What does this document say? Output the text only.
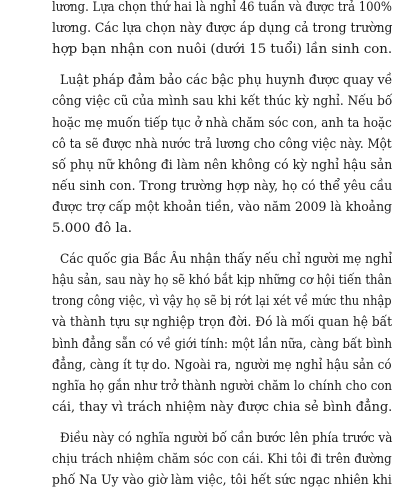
lương. Lựa chọn thứ hai là nghỉ 46 tuần và được trả 100%
lương. Các lựa chọn này được áp dụng cả trong trường
hợp bạn nhận con nuôi (dưới 15 tuổi) lần sinh con.
Luật pháp đảm bảo các bậc phụ huynh được quay về
công việc cũ của mình sau khi kết thúc kỳ nghỉ. Nếu bố
hoặc mẹ muốn tiếp tục ở nhà chăm sóc con, anh ta hoặc
cô ta sẽ được nhà nước trả lương cho công việc này. Một
số phụ nữ không đi làm nên không có kỳ nghỉ hậu sản
nếu sinh con. Trong trường hợp này, họ có thể yêu cầu
được trợ cấp một khoản tiền, vào năm 2009 là khoảng
5.000 đô la.
Các quốc gia Bắc Âu nhận thấy nếu chỉ người mẹ nghỉ
hậu sản, sau này họ sẽ khó bắt kịp những cơ hội tiến thân
trong công việc, vì vậy họ sẽ bị rớt lại xét về mức thu nhập
và thành tựu sự nghiệp trọn đời. Đó là mối quan hệ bất
bình đẳng sẵn có về giới tính: một lần nữa, càng bất bình
đẳng, càng ít tự do. Ngoài ra, người mẹ nghỉ hậu sản có
nghĩa họ gắn như trở thành người chăm lo chính cho con
cái, thay vì trách nhiệm này được chia sẻ bình đẳng.
Điều này có nghĩa người bố cần bước lên phía trước và
chịu trách nhiệm chăm sóc con cái. Khi tôi đi trên đường
phố Na Uy vào giờ làm việc, tôi hết sức ngạc nhiên khi
